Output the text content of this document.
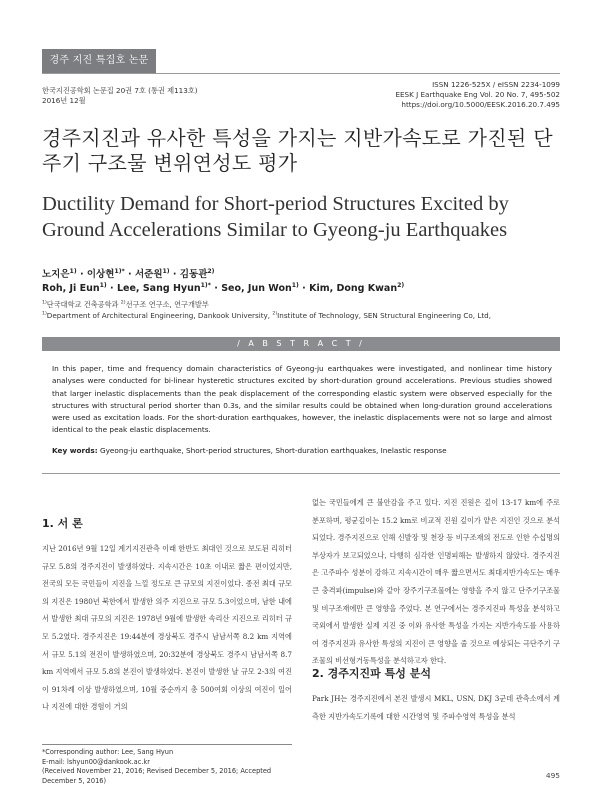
경주 지진 특집호 논문
한국지진공학회 논문집 20권 7호 (통권 제113호)
2016년 12월
ISSN 1226-525X / eISSN 2234-1099
EESK J Earthquake Eng Vol. 20 No. 7, 495-502
https://doi.org/10.5000/EESK.2016.20.7.495
경주지진과 유사한 특성을 가지는 지반가속도로 가진된 단주기 구조물 변위연성도 평가
Ductility Demand for Short-period Structures Excited by Ground Accelerations Similar to Gyeong-ju Earthquakes
노지은$^{1)}$ · 이상현$^{1)*}$ · 서준원$^{1)}$ · 김동관$^{2)}$
Roh, Ji Eun$^{1)}$ · Lee, Sang Hyun$^{1)*}$ · Seo, Jun Won$^{1)}$ · Kim, Dong Kwan$^{2)}$
$^{1)}$단국대학교 건축공학과 $^{2)}$선구조 연구소, 연구개발부
$^{1)}$Department of Architectural Engineering, Dankook University, $^{2)}$Institute of Technology, SEN Structural Engineering Co, Ltd,
/ A B S T R A C T /
In this paper, time and frequency domain characteristics of Gyeong-ju earthquakes were investigated, and nonlinear time history analyses were conducted for bi-linear hysteretic structures excited by short-duration ground accelerations. Previous studies showed that larger inelastic displacements than the peak displacement of the corresponding elastic system were observed especially for the structures with structural period shorter than 0.3s, and the similar results could be obtained when long-duration ground accelerations were used as excitation loads. For the short-duration earthquakes, however, the inelastic displacements were not so large and almost identical to the peak elastic displacements.
Key words: Gyeong-ju earthquake, Short-period structures, Short-duration earthquakes, Inelastic response
1. 서 론

지난 2016년 9월 12일 계기지진관측 이래 한반도 최대인 것으로 보도된 리히터 규모 5.8의 경주지진이 발생하였다. 지속시간은 10초 이내로 짧은 편이었지만, 전국의 모든 국민들이 지진을 느낄 정도로 큰 규모의 지진이었다. 종전 최대 규모의 지진은 1980년 북한에서 발생한 의주 지진으로 규모 5.3이었으며, 남한 내에서 발생한 최대 규모의 지진은 1978년 9월에 발생한 속리산 지진으로 리히터 규모 5.2였다. 경주지진은 19:44분에 경상북도 경주시 남남서쪽 8.2 km 지역에서 규모 5.1의 전진이 발생하였으며, 20:32분에 경상북도 경주시 남남서쪽 8.7 km 지역에서 규모 5.8의 본진이 발생하였다. 본진이 발생한 날 규모 2-3의 여진이 91차례 이상 발생하였으며, 10월 중순까지 총 500여회 이상의 여진이 일어나 지진에 대한 경험이 거의

없는 국민들에게 큰 불안감을 주고 있다. 지진 진원은 깊이 13-17 km에 주로 분포하며, 평균깊이는 15.2 km로 비교적 진원 깊이가 얕은 지진인 것으로 분석되었다. 경주지진으로 인해 신발장 및 천장 등 비구조재의 전도로 인한 수십명의 부상자가 보고되었으나, 다행히 심각한 인명피해는 발생하지 않았다. 경주지진은 고주파수 성분이 강하고 지속시간이 매우 짧으면서도 최대지반가속도는 매우 큰 충격파(impulse)와 같아 장주기구조물에는 영향을 주지 않고 단주기구조물 및 비구조재에만 큰 영향을 주었다. 본 연구에서는 경주지진파 특성을 분석하고 국외에서 발생한 실제 지진 중 이와 유사한 특성을 가지는 지반가속도를 사용하여 경주지진과 유사한 특성의 지진이 큰 영향을 줄 것으로 예상되는 극단주기 구조물의 비선형거동특성을 분석하고자 한다.

2. 경주지진파 특성 분석

Park JH는 경주지진에서 본진 발생시 MKL, USN, DKJ 3군데 관측소에서 계측한 지반가속도기록에 대한 시간영역 및 주파수영역 특성을 분석

*Corresponding author: Lee, Sang Hyun
E-mail: lshyun00@dankook.ac.kr
(Received November 21, 2016; Revised December 5, 2016; Accepted December 5, 2016)
495
